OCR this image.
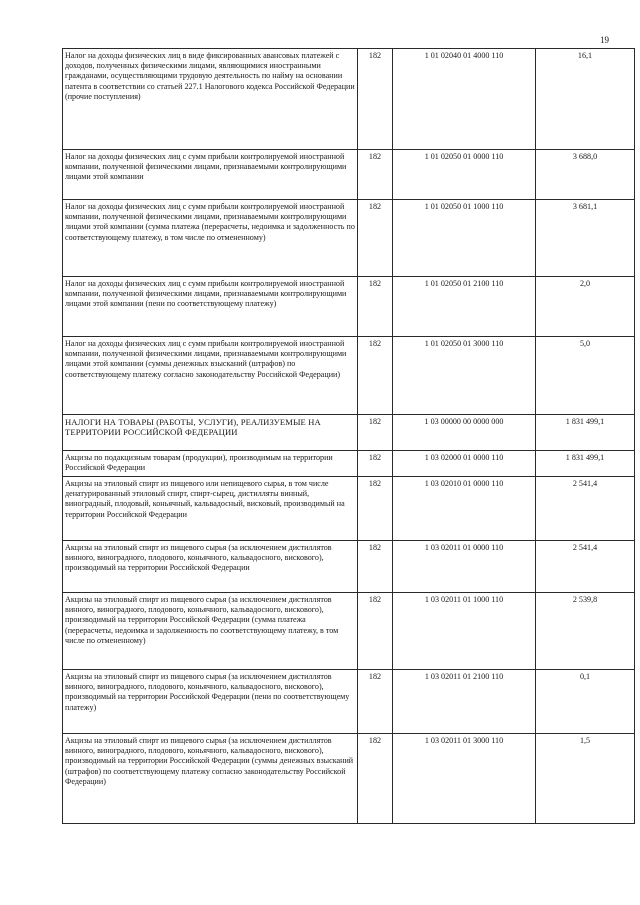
19
Налог на доходы физических лиц в виде фиксированных авансовых платежей с доходов, полученных физическими лицами, являющимися иностранными гражданами, осуществляющими трудовую деятельность по найму на основании патента в соответствии со статьей 227.1 Налогового кодекса Российской Федерации (прочие поступления)	182	1 01 02040 01 4000 110	16,1
Налог на доходы физических лиц с сумм прибыли контролируемой иностранной компании, полученной физическими лицами, признаваемыми контролирующими лицами этой компании	182	1 01 02050 01 0000 110	3 688,0
Налог на доходы физических лиц с сумм прибыли контролируемой иностранной компании, полученной физическими лицами, признаваемыми контролирующими лицами этой компании (сумма платежа (перерасчеты, недоимка и задолженность по соответствующему платежу, в том числе по отмененному)	182	1 01 02050 01 1000 110	3 681,1
Налог на доходы физических лиц с сумм прибыли контролируемой иностранной компании, полученной физическими лицами, признаваемыми контролирующими лицами этой компании (пени по соответствующему платежу)	182	1 01 02050 01 2100 110	2,0
Налог на доходы физических лиц с сумм прибыли контролируемой иностранной компании, полученной физическими лицами, признаваемыми контролирующими лицами этой компании (суммы денежных взысканий (штрафов) по соответствующему платежу согласно законодательству Российской Федерации)	182	1 01 02050 01 3000 110	5,0
НАЛОГИ НА ТОВАРЫ (РАБОТЫ, УСЛУГИ), РЕАЛИЗУЕМЫЕ НА ТЕРРИТОРИИ РОССИЙСКОЙ ФЕДЕРАЦИИ	182	1 03 00000 00 0000 000	1 831 499,1
Акцизы по подакцизным товарам (продукции), производимым на территории Российской Федерации	182	1 03 02000 01 0000 110	1 831 499,1
Акцизы на этиловый спирт из пищевого или непищевого сырья, в том числе денатурированный этиловый спирт, спирт-сырец, дистилляты винный, виноградный, плодовый, коньячный, кальвадосный, висковый, производимый на территории Российской Федерации	182	1 03 02010 01 0000 110	2 541,4
Акцизы на этиловый спирт из пищевого сырья (за исключением дистиллятов винного, виноградного, плодового, коньячного, кальвадосного, вискового), производимый на территории Российской Федерации	182	1 03 02011 01 0000 110	2 541,4
Акцизы на этиловый спирт из пищевого сырья (за исключением дистиллятов винного, виноградного, плодового, коньячного, кальвадосного, вискового), производимый на территории Российской Федерации (сумма платежа (перерасчеты, недоимка и задолженность по соответствующему платежу, в том числе по отмененному)	182	1 03 02011 01 1000 110	2 539,8
Акцизы на этиловый спирт из пищевого сырья (за исключением дистиллятов винного, виноградного, плодового, коньячного, кальвадосного, вискового), производимый на территории Российской Федерации (пени по соответствующему платежу)	182	1 03 02011 01 2100 110	0,1
Акцизы на этиловый спирт из пищевого сырья (за исключением дистиллятов винного, виноградного, плодового, коньячного, кальвадосного, вискового), производимый на территории Российской Федерации (суммы денежных взысканий (штрафов) по соответствующему платежу согласно законодательству Российской Федерации)	182	1 03 02011 01 3000 110	1,5
